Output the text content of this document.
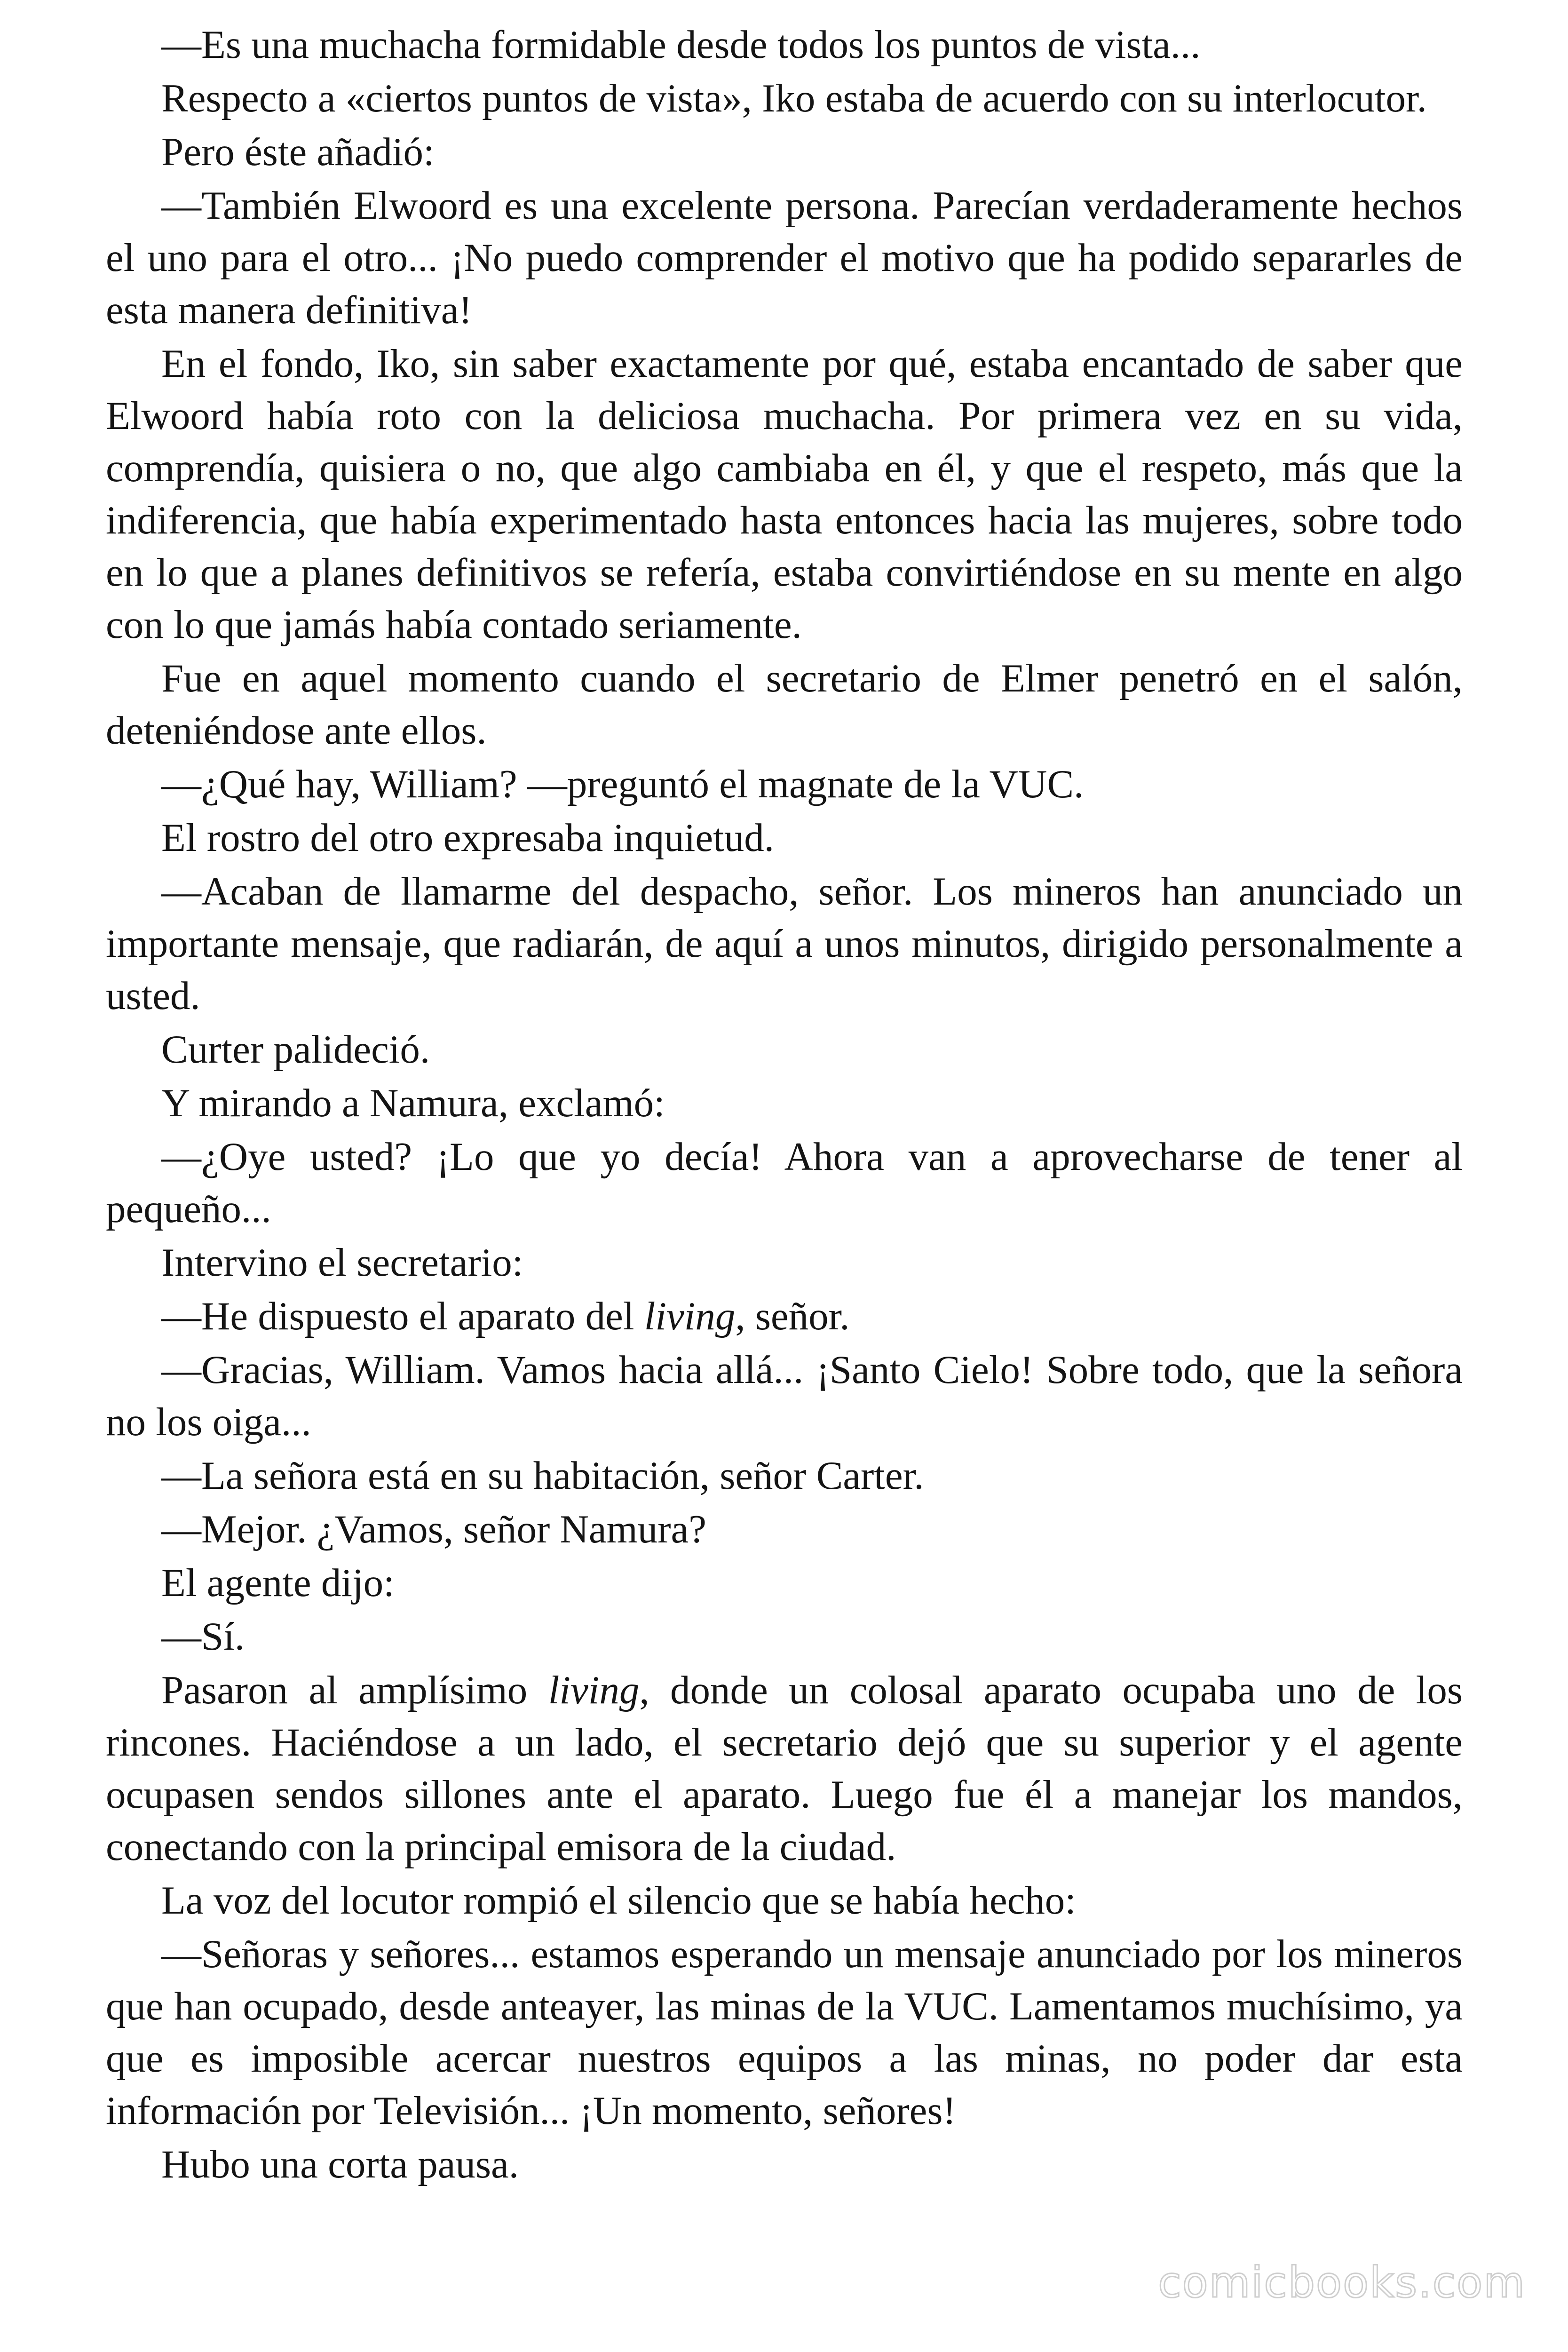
—Es una muchacha formidable desde todos los puntos de vista...

Respecto a «ciertos puntos de vista», Iko estaba de acuerdo con su interlocutor.

Pero éste añadió:

—También Elwoord es una excelente persona. Parecían verdaderamente hechos el uno para el otro... ¡No puedo comprender el motivo que ha podido separarles de esta manera definitiva!

En el fondo, Iko, sin saber exactamente por qué, estaba encantado de saber que Elwoord había roto con la deliciosa muchacha. Por primera vez en su vida, comprendía, quisiera o no, que algo cambiaba en él, y que el respeto, más que la indiferencia, que había experimentado hasta entonces hacia las mujeres, sobre todo en lo que a planes definitivos se refería, estaba convirtiéndose en su mente en algo con lo que jamás había contado seriamente.

Fue en aquel momento cuando el secretario de Elmer penetró en el salón, deteniéndose ante ellos.

—¿Qué hay, William? —preguntó el magnate de la VUC.

El rostro del otro expresaba inquietud.

—Acaban de llamarme del despacho, señor. Los mineros han anunciado un importante mensaje, que radiarán, de aquí a unos minutos, dirigido personalmente a usted.

Curter palideció.

Y mirando a Namura, exclamó:

—¿Oye usted? ¡Lo que yo decía! Ahora van a aprovecharse de tener al pequeño...

Intervino el secretario:

—He dispuesto el aparato del living, señor.

—Gracias, William. Vamos hacia allá... ¡Santo Cielo! Sobre todo, que la señora no los oiga...

—La señora está en su habitación, señor Carter.

—Mejor. ¿Vamos, señor Namura?

El agente dijo:

—Sí.

Pasaron al amplísimo living, donde un colosal aparato ocupaba uno de los rincones. Haciéndose a un lado, el secretario dejó que su superior y el agente ocupasen sendos sillones ante el aparato. Luego fue él a manejar los mandos, conectando con la principal emisora de la ciudad.

La voz del locutor rompió el silencio que se había hecho:

—Señoras y señores... estamos esperando un mensaje anunciado por los mineros que han ocupado, desde anteayer, las minas de la VUC. Lamentamos muchísimo, ya que es imposible acercar nuestros equipos a las minas, no poder dar esta información por Televisión... ¡Un momento, señores!

Hubo una corta pausa.

comicbooks.com
